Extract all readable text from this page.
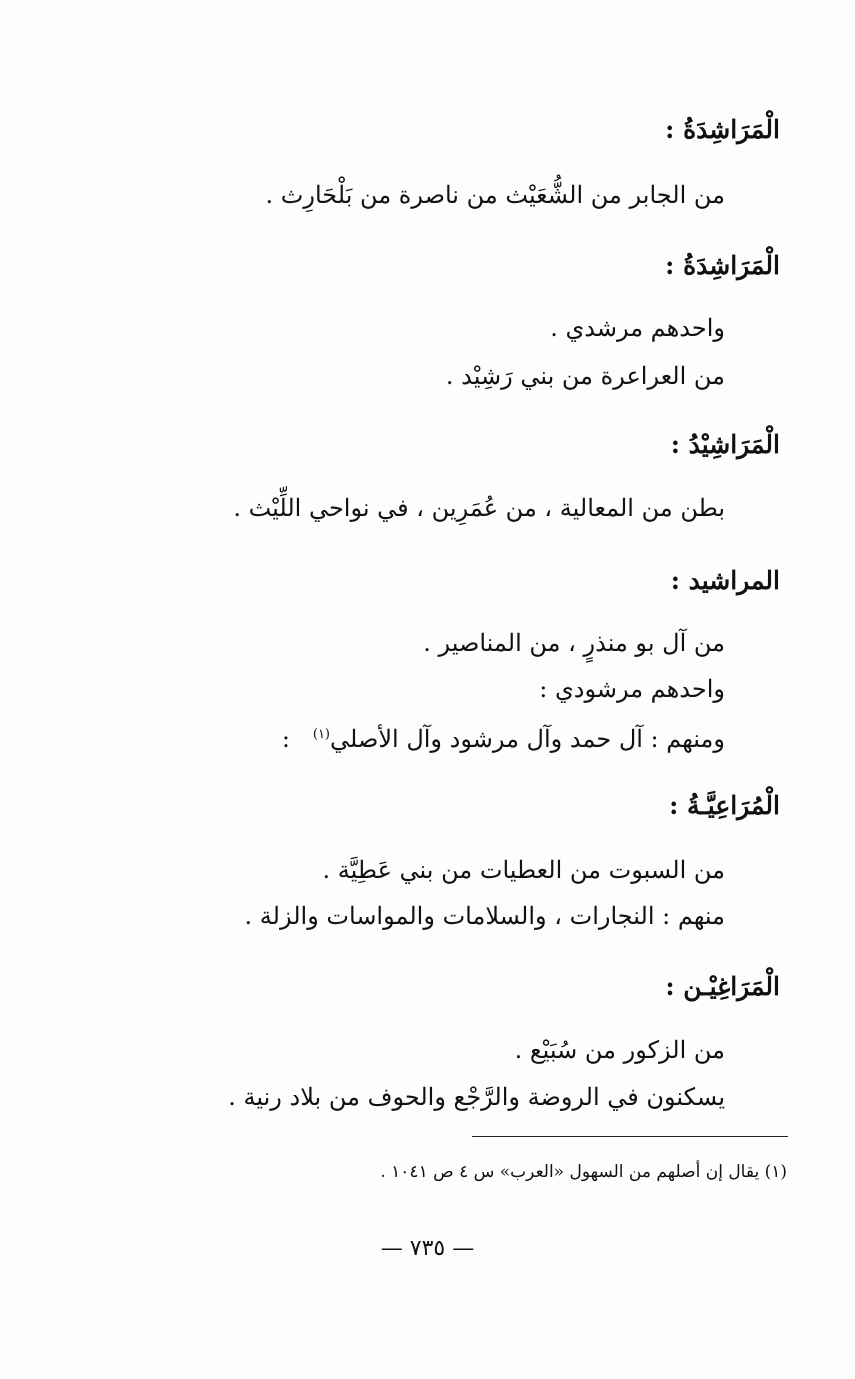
الْمَرَاشِدَةُ :
من الجابر من الشُّعَيْث من ناصرة من بَلْحَارِث .
الْمَرَاشِدَةُ :
واحدهم مرشدي .
من العراعرة من بني رَشِيْد .
الْمَرَاشِيْدُ :
بطن من المعالية ، من عُمَرِين ، في نواحي اللِّيْث .
المراشيد :
من آل بو منذرٍ ، من المناصير .
واحدهم مرشودي :
ومنهم : آل حمد وآل مرشود وآل الأصلي$^{(١)}$   :
الْمُرَاعِيَّـةُ :
من السبوت من العطيات من بني عَطِيَّة .
منهم : النجارات ، والسلامات والمواسات والزلة .
الْمَرَاغِيْـن :
من الزكور من سُبَيْع .
يسكنون في الروضة والرَّجْع والحوف من بلاد رنية .
(١) يقال إن أصلهم من السهول «العرب» س ٤ ص ١٠٤١ .
— ٧٣٥ —
